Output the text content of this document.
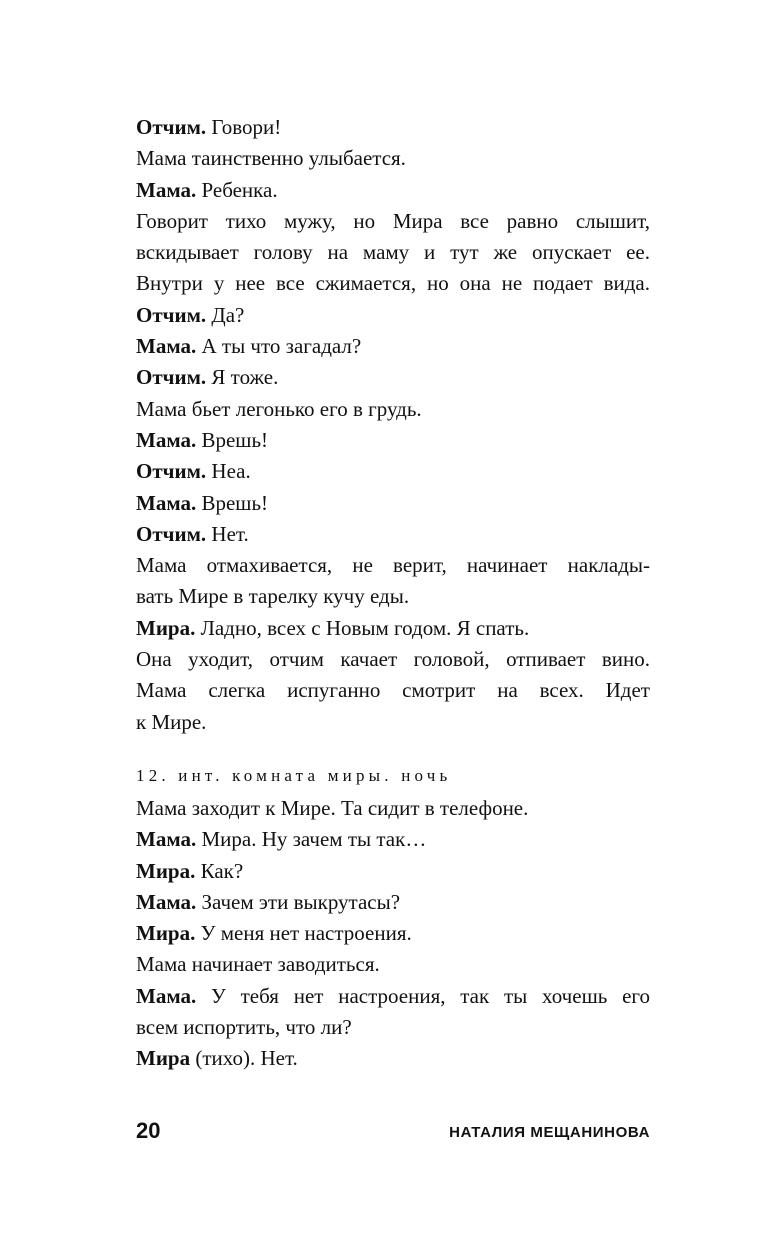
Отчим. Говори!
Мама таинственно улыбается.
Мама. Ребенка.
Говорит тихо мужу, но Мира все равно слышит,
вскидывает голову на маму и тут же опускает ее.
Внутри у нее все сжимается, но она не подает вида.
Отчим. Да?
Мама. А ты что загадал?
Отчим. Я тоже.
Мама бьет легонько его в грудь.
Мама. Врешь!
Отчим. Неа.
Мама. Врешь!
Отчим. Нет.
Мама отмахивается, не верит, начинает наклады-
вать Мире в тарелку кучу еды.
Мира. Ладно, всех с Новым годом. Я спать.
Она уходит, отчим качает головой, отпивает вино.
Мама слегка испуганно смотрит на всех. Идет
к Мире.
12. инт. комната миры. ночь
Мама заходит к Мире. Та сидит в телефоне.
Мама. Мира. Ну зачем ты так…
Мира. Как?
Мама. Зачем эти выкрутасы?
Мира. У меня нет настроения.
Мама начинает заводиться.
Мама. У тебя нет настроения, так ты хочешь его
всем испортить, что ли?
Мира (тихо). Нет.
20	НАТАЛИЯ МЕЩАНИНОВА
